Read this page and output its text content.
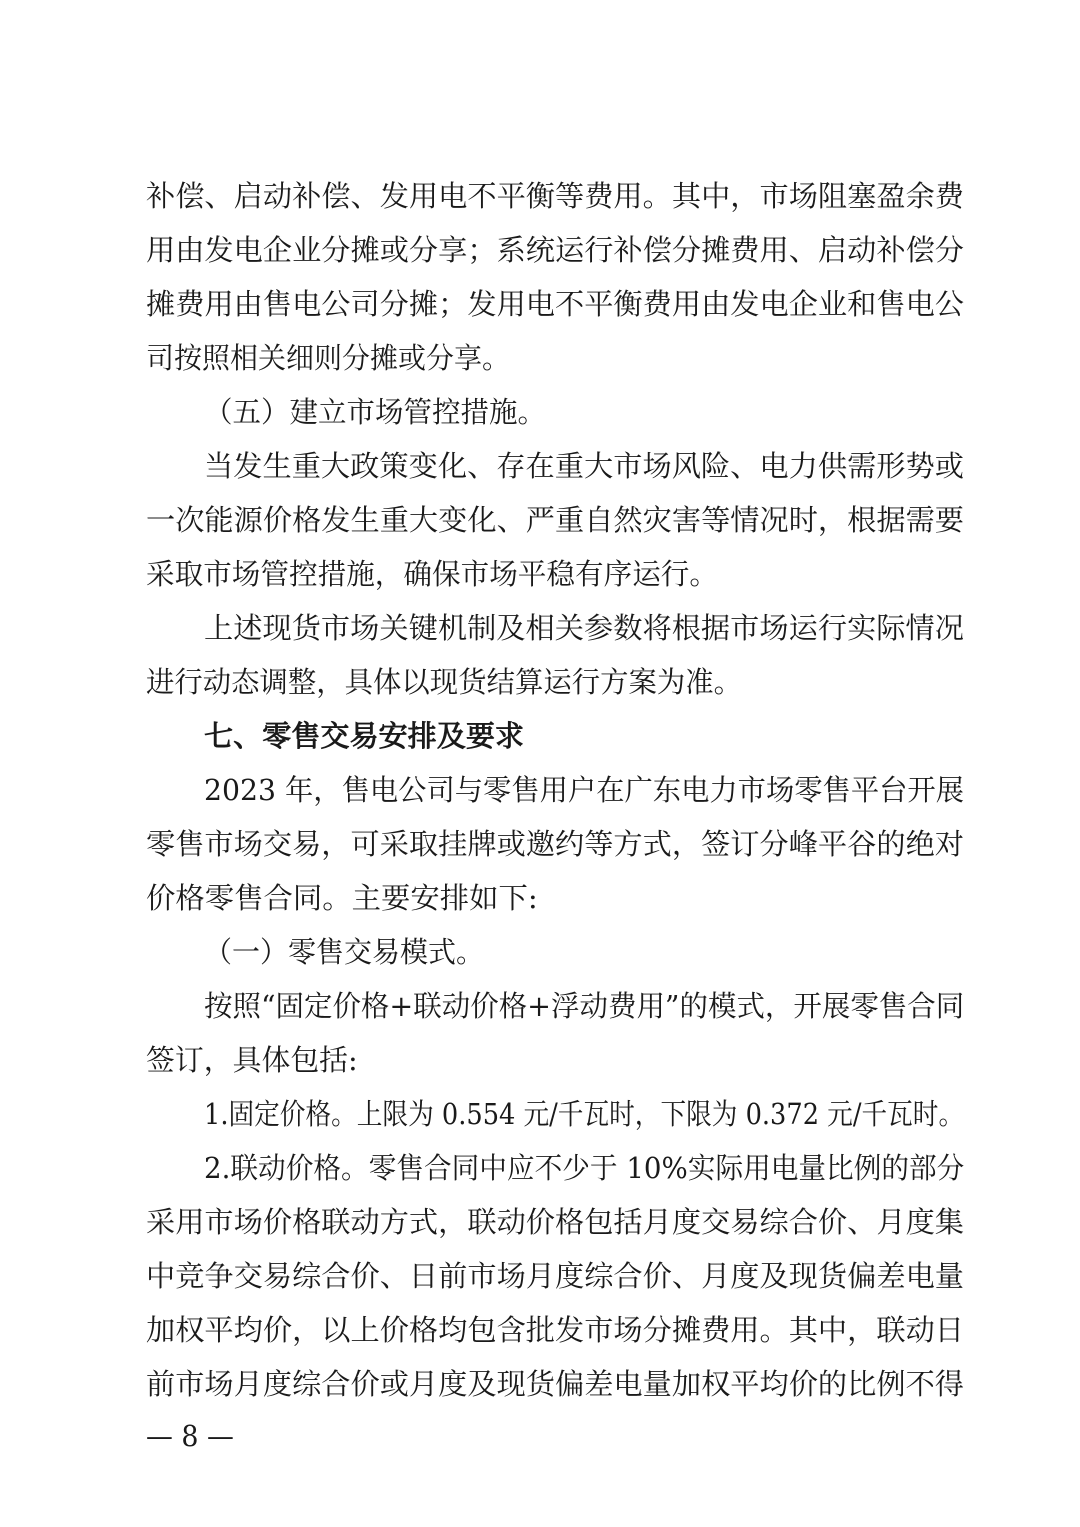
补偿、启动补偿、发用电不平衡等费用。其中，市场阻塞盈余费
用由发电企业分摊或分享；系统运行补偿分摊费用、启动补偿分
摊费用由售电公司分摊；发用电不平衡费用由发电企业和售电公
司按照相关细则分摊或分享。
（五）建立市场管控措施。
当发生重大政策变化、存在重大市场风险、电力供需形势或
一次能源价格发生重大变化、严重自然灾害等情况时，根据需要
采取市场管控措施，确保市场平稳有序运行。
上述现货市场关键机制及相关参数将根据市场运行实际情况
进行动态调整，具体以现货结算运行方案为准。
七、零售交易安排及要求
2023 年，售电公司与零售用户在广东电力市场零售平台开展
零售市场交易，可采取挂牌或邀约等方式，签订分峰平谷的绝对
价格零售合同。主要安排如下:
（一）零售交易模式。
按照“固定价格+联动价格+浮动费用”的模式，开展零售合同
签订，具体包括:
1.固定价格。上限为 0.554 元/千瓦时，下限为 0.372 元/千瓦时。
2.联动价格。零售合同中应不少于 10%实际用电量比例的部分
采用市场价格联动方式，联动价格包括月度交易综合价、月度集
中竞争交易综合价、日前市场月度综合价、月度及现货偏差电量
加权平均价，以上价格均包含批发市场分摊费用。其中，联动日
前市场月度综合价或月度及现货偏差电量加权平均价的比例不得
— 8 —
